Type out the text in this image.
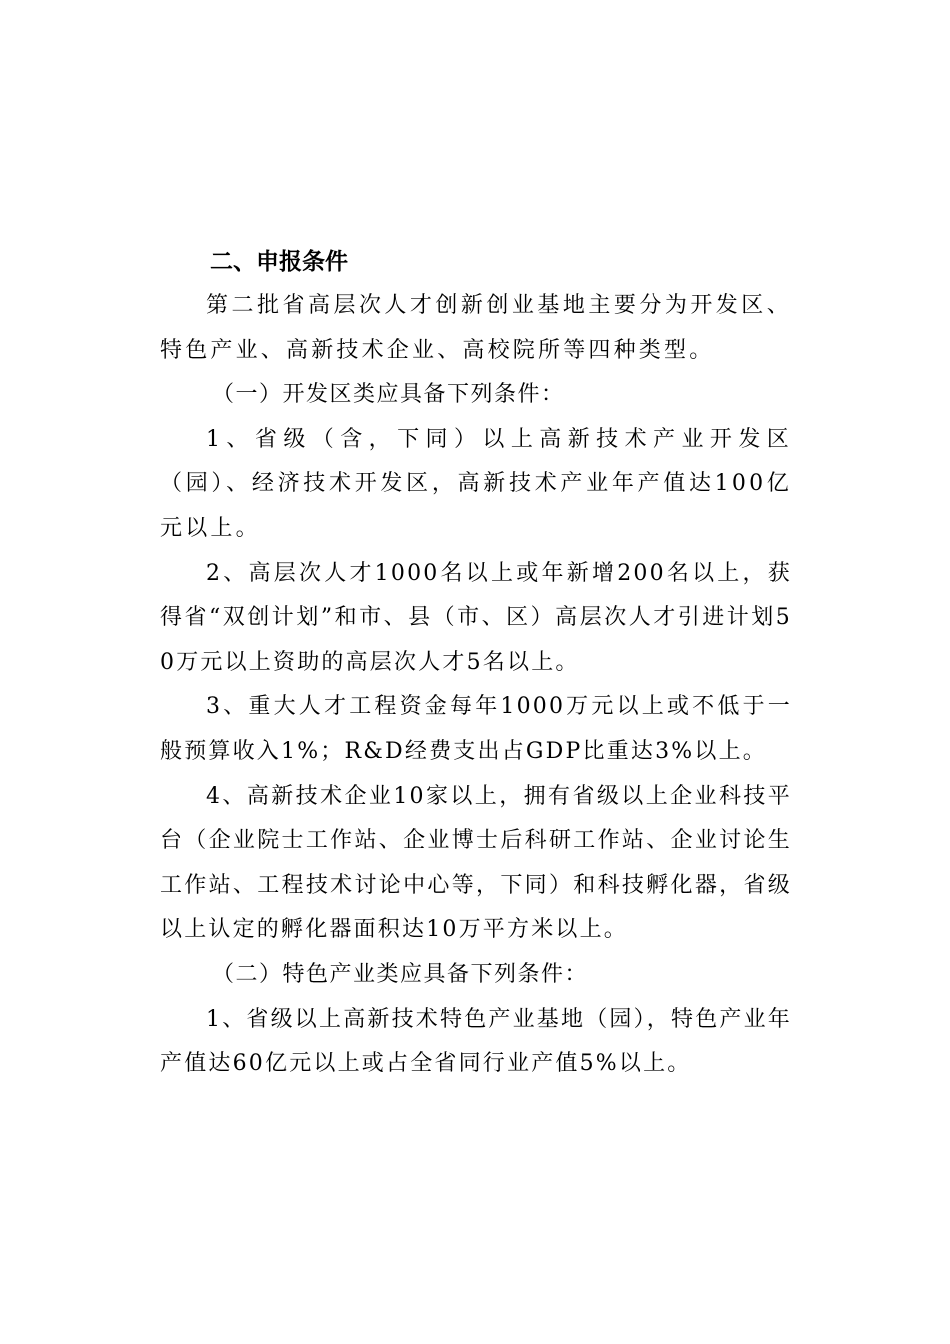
二、申报条件

第二批省高层次人才创新创业基地主要分为开发区、特色产业、高新技术企业、高校院所等四种类型。

（一）开发区类应具备下列条件：

1、省级（含，下同）以上高新技术产业开发区（园）、经济技术开发区，高新技术产业年产值达100亿元以上。

2、高层次人才1000名以上或年新增200名以上，获得省“双创计划”和市、县（市、区）高层次人才引进计划50万元以上资助的高层次人才5名以上。

3、重大人才工程资金每年1000万元以上或不低于一般预算收入1%；R&D经费支出占GDP比重达3%以上。

4、高新技术企业10家以上，拥有省级以上企业科技平台（企业院士工作站、企业博士后科研工作站、企业讨论生工作站、工程技术讨论中心等，下同）和科技孵化器，省级以上认定的孵化器面积达10万平方米以上。

（二）特色产业类应具备下列条件：

1、省级以上高新技术特色产业基地（园），特色产业年产值达60亿元以上或占全省同行业产值5%以上。
